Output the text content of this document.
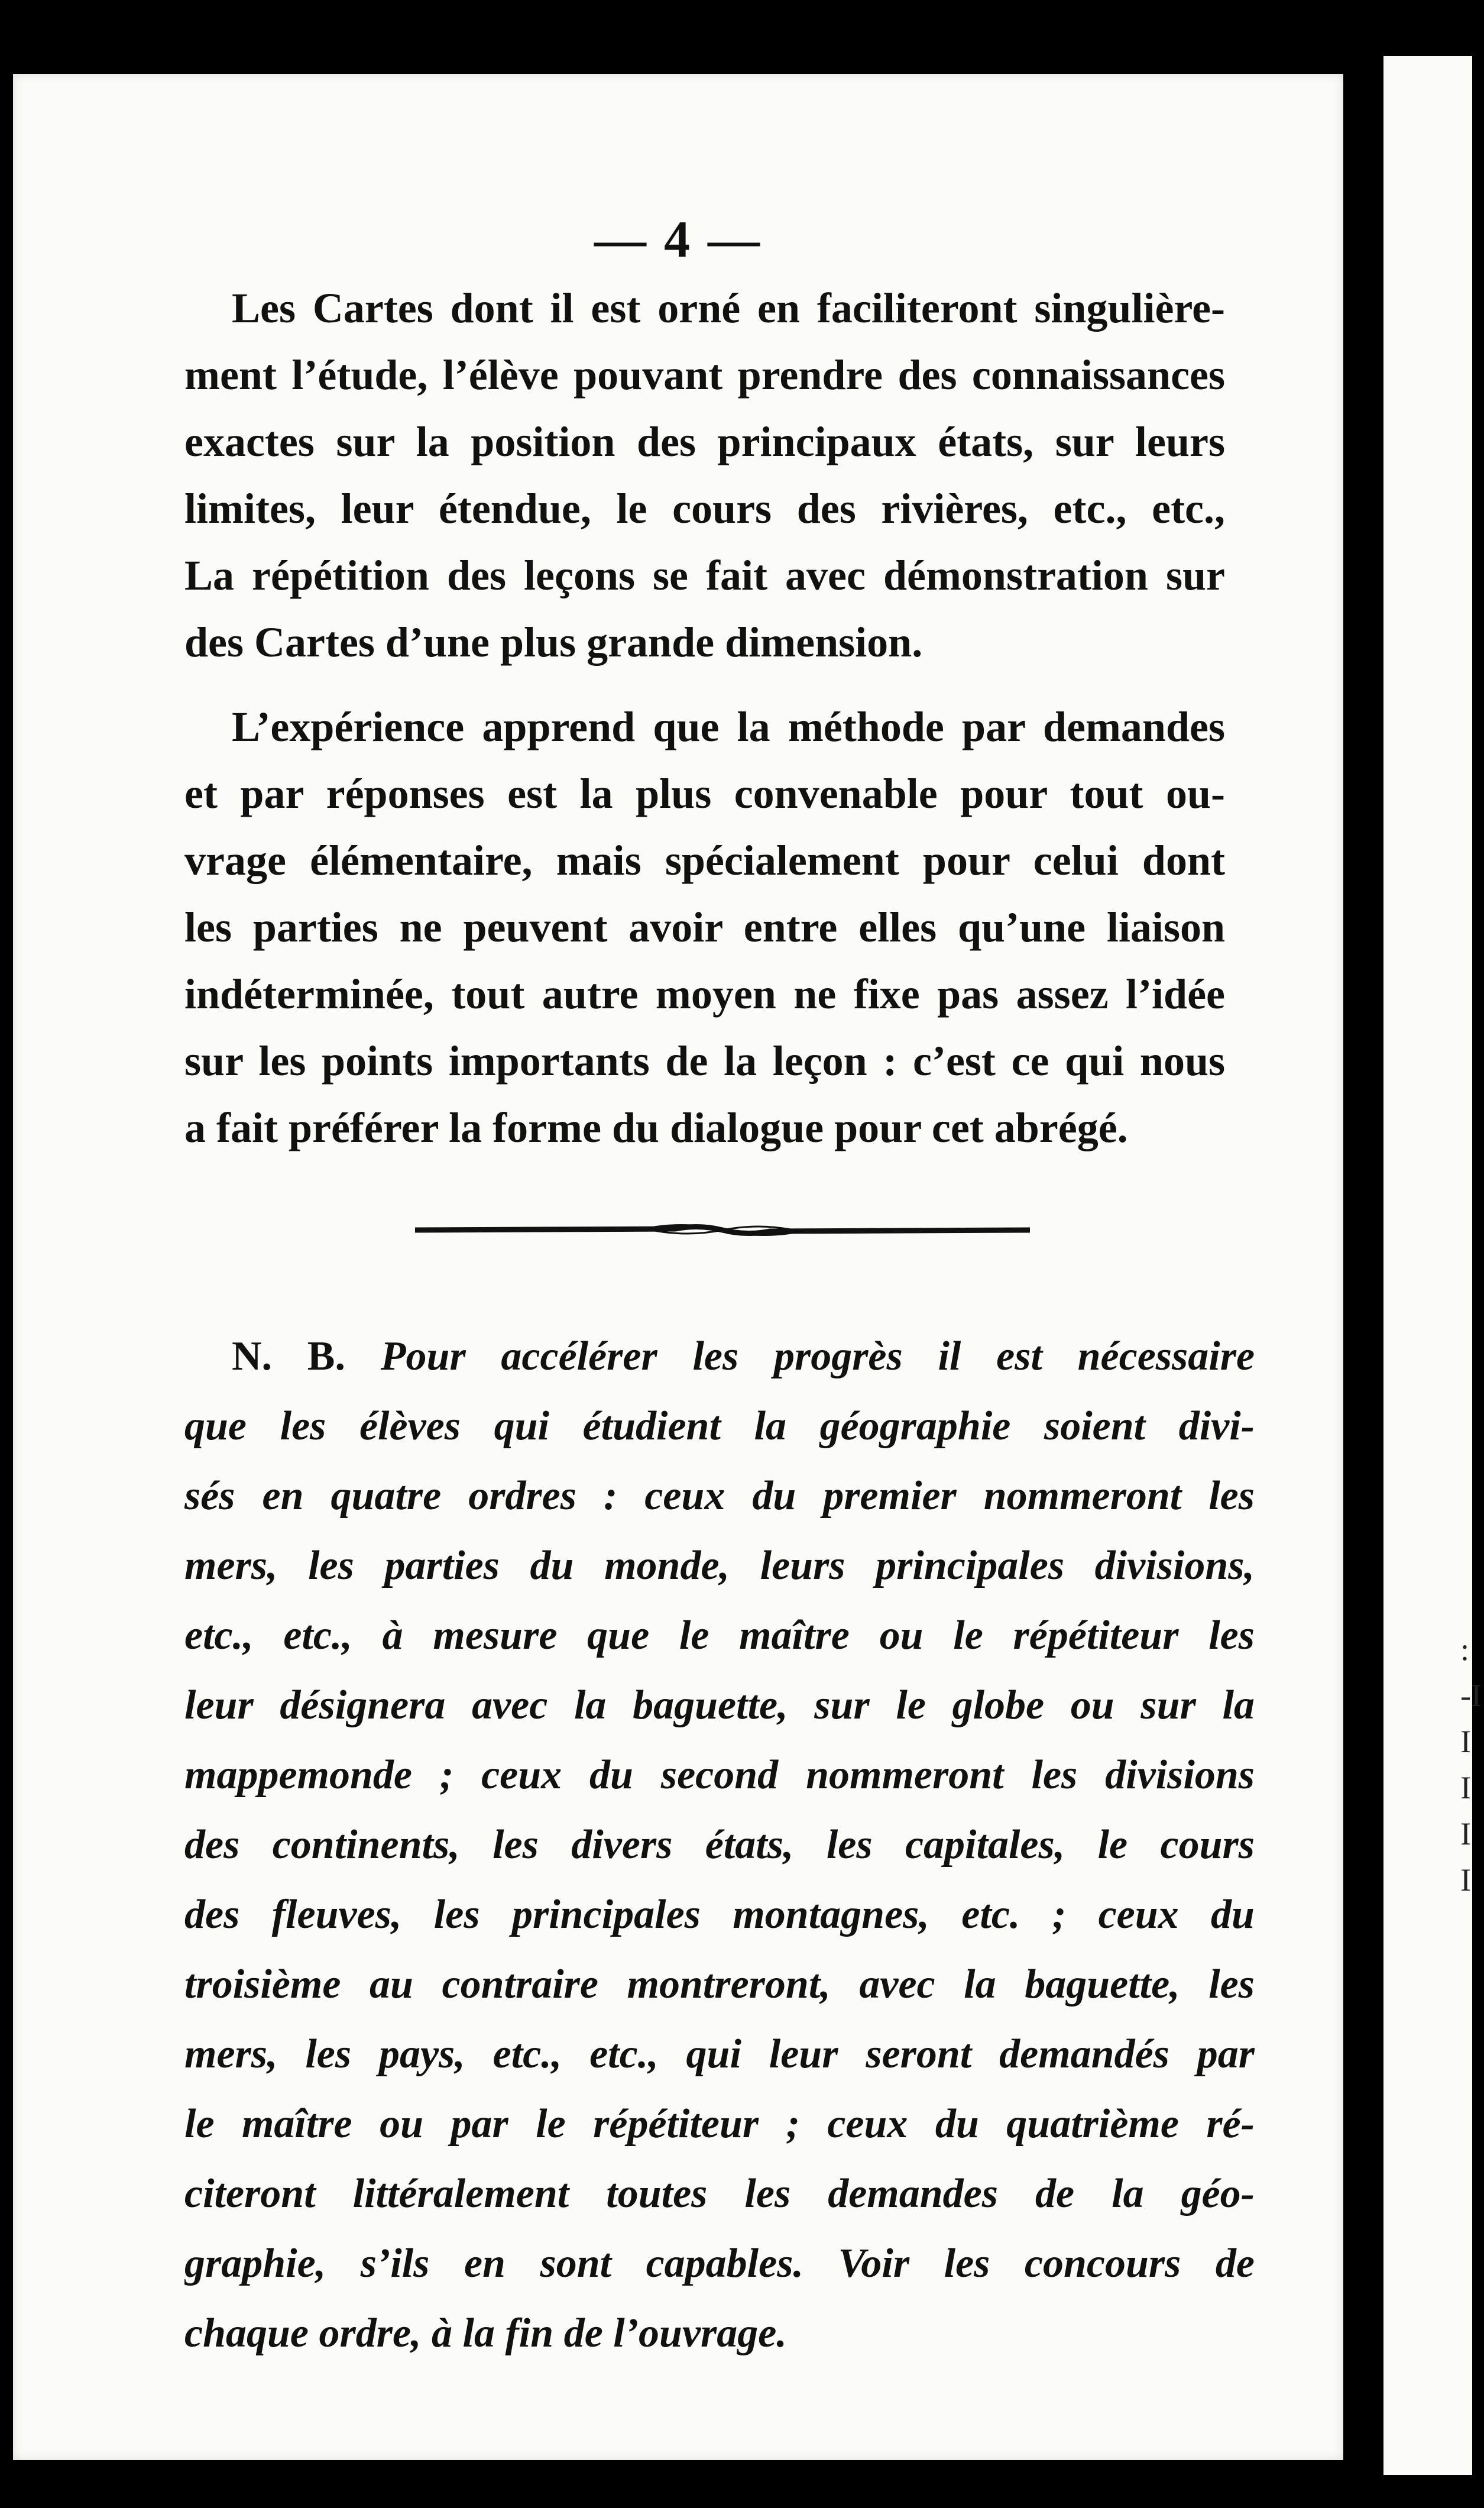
:
-I
I
I
I
I
— 4 —

Les Cartes dont il est orné en faciliteront singulière-
ment l’étude, l’élève pouvant prendre des connaissances
exactes sur la position des principaux états, sur leurs
limites, leur étendue, le cours des rivières, etc., etc.,
La répétition des leçons se fait avec démonstration sur
des Cartes d’une plus grande dimension.

L’expérience apprend que la méthode par demandes
et par réponses est la plus convenable pour tout ou-
vrage élémentaire, mais spécialement pour celui dont
les parties ne peuvent avoir entre elles qu’une liaison
indéterminée, tout autre moyen ne fixe pas assez l’idée
sur les points importants de la leçon : c’est ce qui nous
a fait préférer la forme du dialogue pour cet abrégé.

N. B. Pour accélérer les progrès il est nécessaire
que les élèves qui étudient la géographie soient divi-
sés en quatre ordres : ceux du premier nommeront les
mers, les parties du monde, leurs principales divisions,
etc., etc., à mesure que le maître ou le répétiteur les
leur désignera avec la baguette, sur le globe ou sur la
mappemonde ; ceux du second nommeront les divisions
des continents, les divers états, les capitales, le cours
des fleuves, les principales montagnes, etc. ; ceux du
troisième au contraire montreront, avec la baguette, les
mers, les pays, etc., etc., qui leur seront demandés par
le maître ou par le répétiteur ; ceux du quatrième ré-
citeront littéralement toutes les demandes de la géo-
graphie, s’ils en sont capables. Voir les concours de
chaque ordre, à la fin de l’ouvrage.
